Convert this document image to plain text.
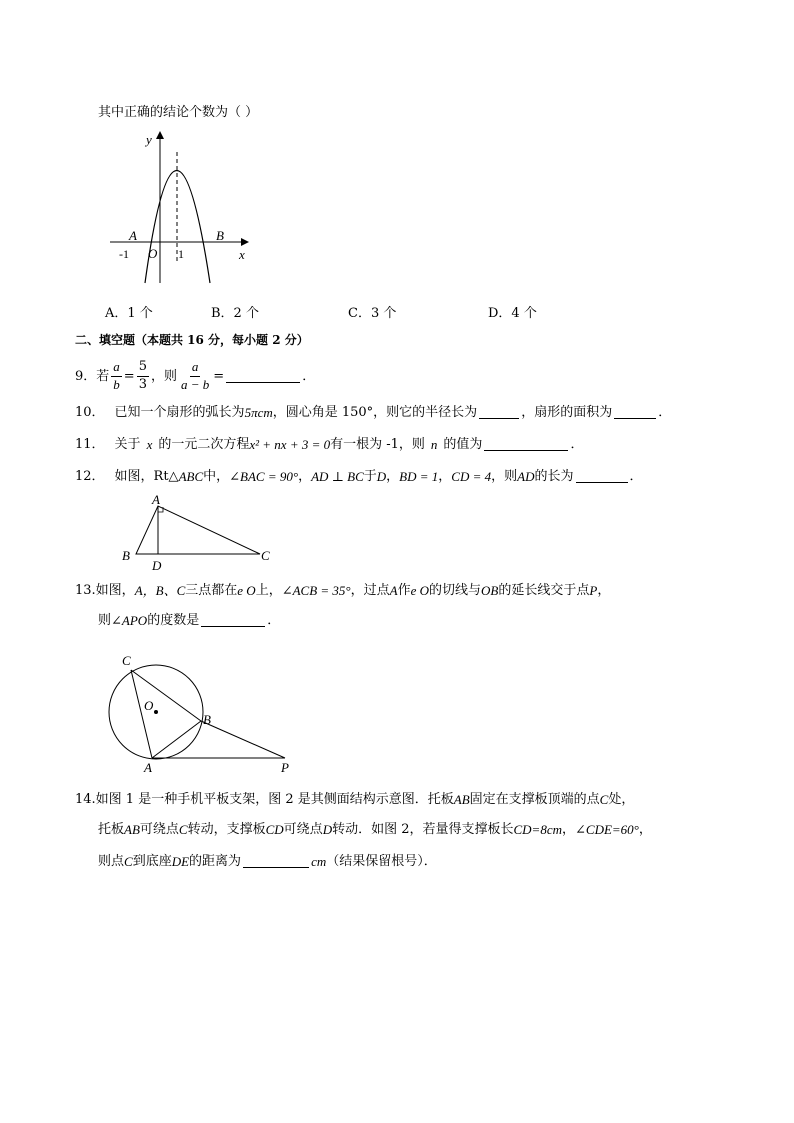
其中正确的结论个数为（ ）
y
x
A	B
-1 O 1
A．1 个	B．2 个	C．3 个	D．4 个
二、填空题（本题共 16 分，每小题 2 分）
9 ．若 $\frac{a}{b} = \frac{5}{3}$ ，则 $\frac{a}{a - b}$ =	．
10． 已知一个扇形的弧长为 5πcm ，圆心角是 150°，则它的半径长为	，扇形的面积为	．
11． 关于 x 的一元二次方程 x² + nx + 3 = 0 有一根为 -1，则 n 的值为	．
12． 如图，Rt△ ABC 中， ∠BAC = 90° ， AD ⊥ BC 于 D ， BD = 1 ， CD = 4 ，则 AD 的长为	．
A
B
D
C
13.如图， A，B、C 三点都在 e O 上， ∠ACB = 35° ，过点 A 作 e O 的切线与 OB 的延长线交于点 P ，
则 ∠APO 的度数是	．
C
O
B
A	P
14.如图 1 是一种手机平板支架，图 2 是其侧面结构示意图．托板 AB 固定在支撑板顶端的点 C 处，
托板 AB 可绕点 C 转动，支撑板 CD 可绕点 D 转动．如图 2，若量得支撑板长 CD=8cm ， ∠CDE=60° ，
则点 C 到底座 DE 的距离为	cm （结果保留根号）．
